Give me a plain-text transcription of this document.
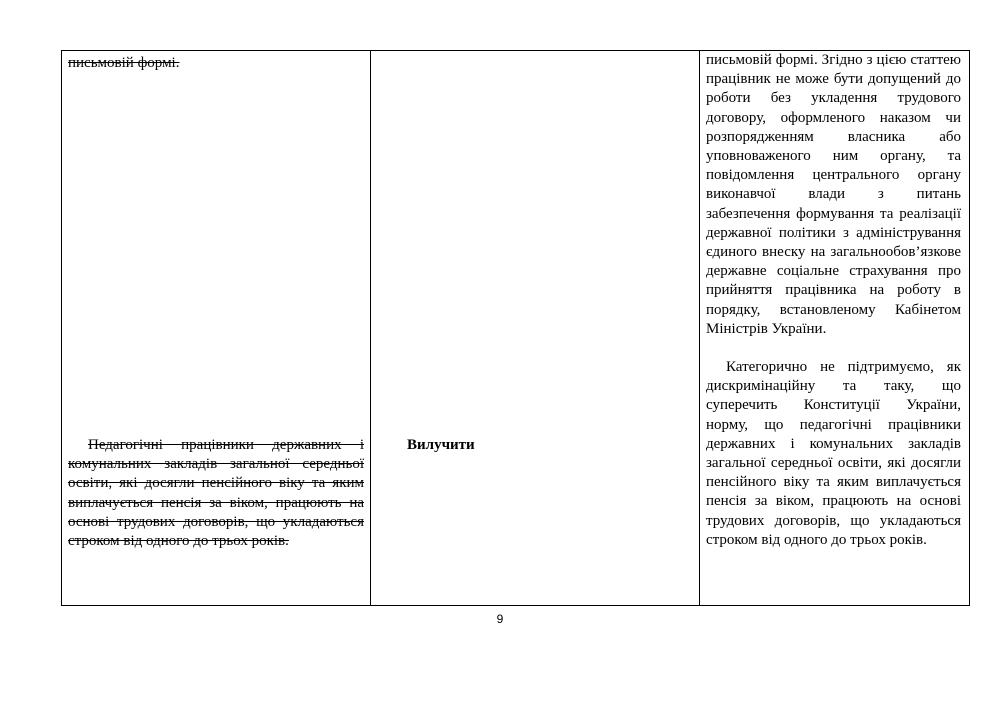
письмовій формі.

Педагогічні працівники державних і комунальних закладів загальної середньої освіти, які досягли пенсійного віку та яким виплачується пенсія за віком, працюють на основі трудових договорів, що укладаються строком від одного до трьох років.

Вилучити

письмовій формі. Згідно з цією статтею працівник не може бути допущений до роботи без укладення трудового договору, оформленого наказом чи розпорядженням власника або уповноваженого ним органу, та повідомлення центрального органу виконавчої влади з питань забезпечення формування та реалізації державної політики з адміністрування єдиного внеску на загальнообов’язкове державне соціальне страхування про прийняття працівника на роботу в порядку, встановленому Кабінетом Міністрів України.

Категорично не підтримуємо, як дискримінаційну та таку, що суперечить Конституції України, норму, що педагогічні працівники державних і комунальних закладів загальної середньої освіти, які досягли пенсійного віку та яким виплачується пенсія за віком, працюють на основі трудових договорів, що укладаються строком від одного до трьох років.

9
